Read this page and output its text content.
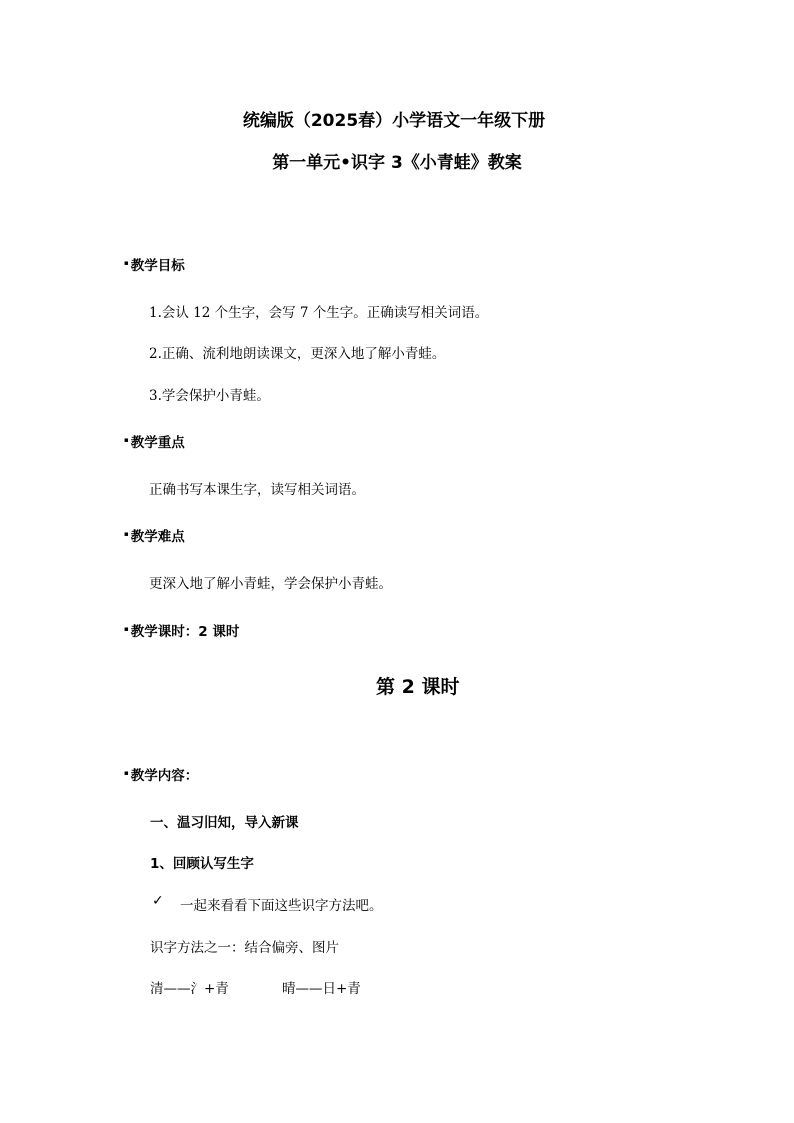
统编版（2025春）小学语文一年级下册
第一单元•识字 3《小青蛙》教案
▪ 教学目标
1.会认 12 个生字，会写 7 个生字。正确读写相关词语。
2.正确、流利地朗读课文，更深入地了解小青蛙。
3.学会保护小青蛙。
▪ 教学重点
正确书写本课生字，读写相关词语。
▪ 教学难点
更深入地了解小青蛙，学会保护小青蛙。
▪ 教学课时：2 课时
第 2 课时
▪ 教学内容：
一、温习旧知，导入新课
1、回顾认写生字
✓ 一起来看看下面这些识字方法吧。
识字方法之一：结合偏旁、图片
清——氵+青	晴——日+青
